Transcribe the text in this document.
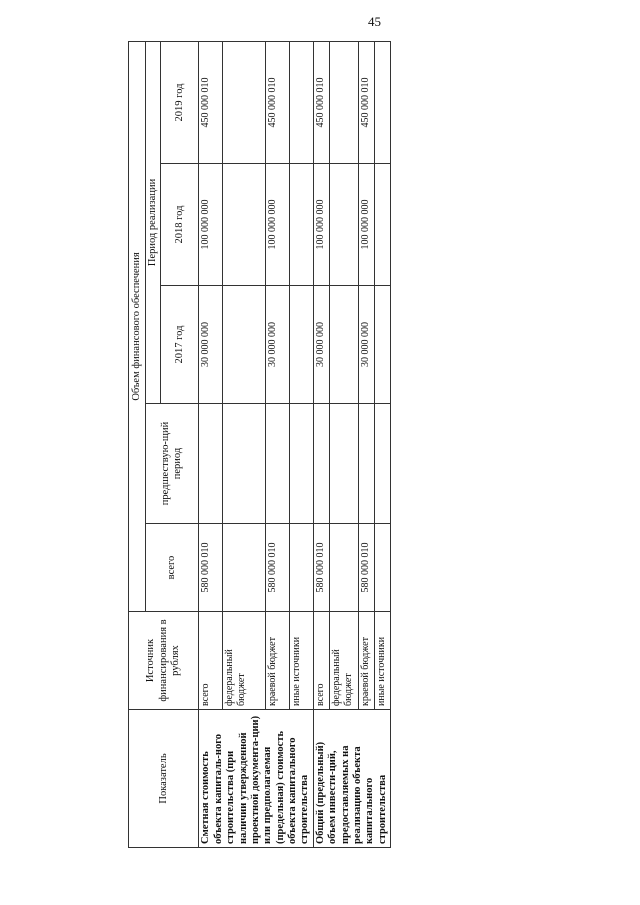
45
Показатель	Источник финансирования в рублях	Объем финансового обеспечения				
		всего	предшествую-щий период	Период реализации		
				2017 год	2018 год	2019 год
Сметная стоимость объекта капиталь-ного строительства (при наличии утвержденной проектной документа-ции) или предполагаемая (предельная) стоимость объекта капитального строительства	всего	580 000 010		30 000 000	100 000 000	450 000 010
	федеральный бюджет					
	краевой бюджет	580 000 010		30 000 000	100 000 000	450 000 010
	иные источники					
Общий (предельный) объем инвести-ций, предоставляемых на реализацию объекта капитального строительства	всего	580 000 010		30 000 000	100 000 000	450 000 010
	федеральный бюджет					
	краевой бюджет	580 000 010		30 000 000	100 000 000	450 000 010
	иные источники					
